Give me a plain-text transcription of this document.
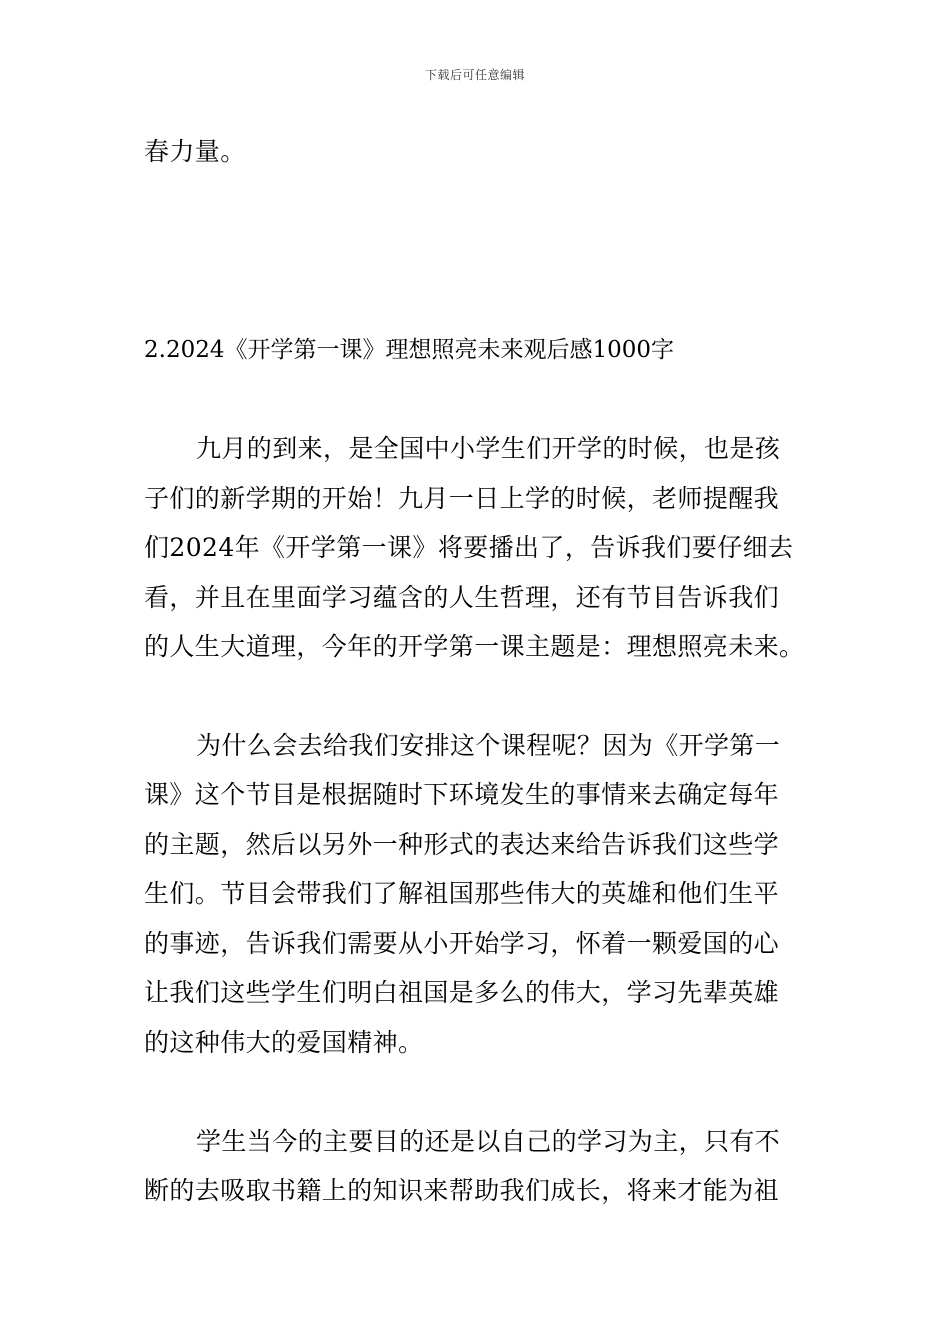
下载后可任意编辑
春力量。
2.2024《开学第一课》理想照亮未来观后感1000字
九月的到来，是全国中小学生们开学的时候，也是孩
子们的新学期的开始！九月一日上学的时候，老师提醒我
们2024年《开学第一课》将要播出了，告诉我们要仔细去
看，并且在里面学习蕴含的人生哲理，还有节目告诉我们
的人生大道理，今年的开学第一课主题是：理想照亮未来。
为什么会去给我们安排这个课程呢？因为《开学第一
课》这个节目是根据随时下环境发生的事情来去确定每年
的主题，然后以另外一种形式的表达来给告诉我们这些学
生们。节目会带我们了解祖国那些伟大的英雄和他们生平
的事迹，告诉我们需要从小开始学习，怀着一颗爱国的心
让我们这些学生们明白祖国是多么的伟大，学习先辈英雄
的这种伟大的爱国精神。
学生当今的主要目的还是以自己的学习为主，只有不
断的去吸取书籍上的知识来帮助我们成长，将来才能为祖
